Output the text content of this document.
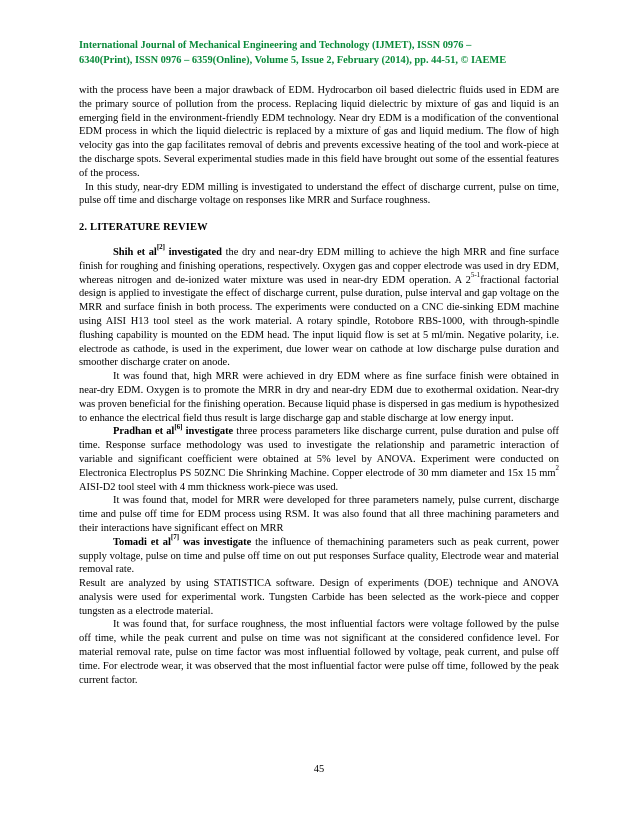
International Journal of Mechanical Engineering and Technology (IJMET), ISSN 0976 –
6340(Print), ISSN 0976 – 6359(Online), Volume 5, Issue 2, February (2014), pp. 44-51, © IAEME

with the process have been a major drawback of EDM. Hydrocarbon oil based dielectric fluids used in EDM are the primary source of pollution from the process. Replacing liquid dielectric by mixture of gas and liquid is an emerging field in the environment-friendly EDM technology. Near dry EDM is a modification of the conventional EDM process in which the liquid dielectric is replaced by a mixture of gas and liquid medium. The flow of high velocity gas into the gap facilitates removal of debris and prevents excessive heating of the tool and work-piece at the discharge spots. Several experimental studies made in this field have brought out some of the essential features of the process.

In this study, near-dry EDM milling is investigated to understand the effect of discharge current, pulse on time, pulse off time and discharge voltage on responses like MRR and Surface roughness.

2. LITERATURE REVIEW

Shih et al[2] investigated the dry and near-dry EDM milling to achieve the high MRR and fine surface finish for roughing and finishing operations, respectively. Oxygen gas and copper electrode was used in dry EDM, whereas nitrogen and de-ionized water mixture was used in near-dry EDM operation. A 2$^{5-1}$fractional factorial design is applied to investigate the effect of discharge current, pulse duration, pulse interval and gap voltage on the MRR and surface finish in both process. The experiments were conducted on a CNC die-sinking EDM machine using AISI H13 tool steel as the work material. A rotary spindle, Rotobore RBS-1000, with through-spindle flushing capability is mounted on the EDM head. The input liquid flow is set at 5 ml/min. Negative polarity, i.e. electrode as cathode, is used in the experiment, due lower wear on cathode at low discharge pulse duration and smoother discharge crater on anode.

It was found that, high MRR were achieved in dry EDM where as fine surface finish were obtained in near-dry EDM. Oxygen is to promote the MRR in dry and near-dry EDM due to exothermal oxidation. Near-dry was proven beneficial for the finishing operation. Because liquid phase is dispersed in gas medium is hypothesized to enhance the electrical field thus result is large discharge gap and stable discharge at low energy input.

Pradhan et al[6] investigate three process parameters like discharge current, pulse duration and pulse off time. Response surface methodology was used to investigate the relationship and parametric interaction of variable and significant coefficient were obtained at 5% level by ANOVA. Experiment were conducted on Electronica Electroplus PS 50ZNC Die Shrinking Machine. Copper electrode of 30 mm diameter and 15x 15 $mm^2$ AISI-D2 tool steel with 4 mm thickness work-piece was used.

It was found that, model for MRR were developed for three parameters namely, pulse current, discharge time and pulse off time for EDM process using RSM. It was also found that all three machining parameters and their interactions have significant effect on MRR

Tomadi et al[7] was investigate the influence of themachining parameters such as peak current, power supply voltage, pulse on time and pulse off time on out put responses Surface quality, Electrode wear and material removal rate.

Result are analyzed by using STATISTICA software. Design of experiments (DOE) technique and ANOVA analysis were used for experimental work. Tungsten Carbide has been selected as the work-piece and copper tungsten as a electrode material.

It was found that, for surface roughness, the most influential factors were voltage followed by the pulse off time, while the peak current and pulse on time was not significant at the considered confidence level. For material removal rate, pulse on time factor was most influential followed by voltage, peak current, and pulse off time. For electrode wear, it was observed that the most influential factor were pulse off time, followed by the peak current factor.

45
